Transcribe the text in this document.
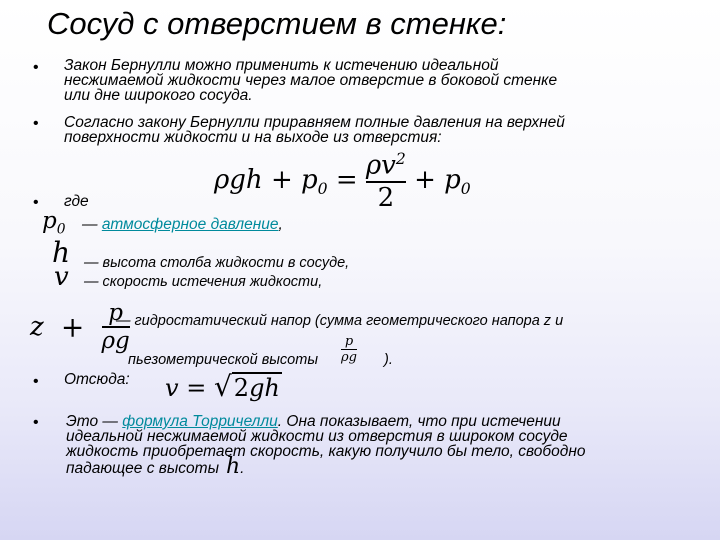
Сосуд с отверстием в стенке:
• Закон Бернулли можно применить к истечению идеальной
несжимаемой жидкости через малое отверстие в боковой стенке
или дне широкого сосуда.
• Согласно закону Бернулли приравняем полные давления на верхней
поверхности жидкости и на выходе из отверстия:
$\rho gh + p_0 = \frac{\rho v^2}{2} + p_0$
• где
$p_0$ — атмосферное давление,
h — высота столба жидкости в сосуде,
v — скорость истечения жидкости,
$z + \frac{p}{\rho g}$
— гидростатический напор (сумма геометрического напора z и
пьезометрической высоты $\frac{p}{\rho g}$ ).
• Отсюда: v = √2gh
• Это — формула Торричелли. Она показывает, что при истечении
идеальной несжимаемой жидкости из отверстия в широком сосуде
жидкость приобретает скорость, какую получило бы тело, свободно
падающее с высоты h.
